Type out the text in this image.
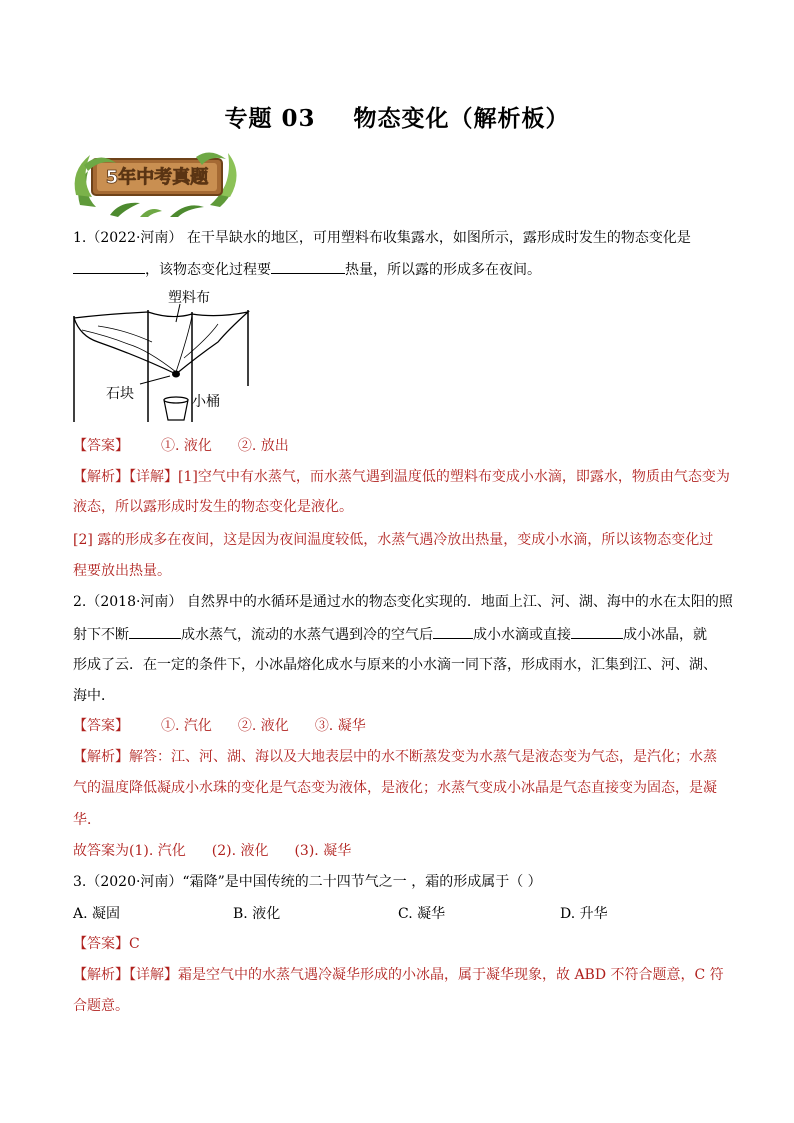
专题 03 物态变化（解析板）
5年中考真题
1.（2022·河南） 在干旱缺水的地区，可用塑料布收集露水，如图所示，露形成时发生的物态变化是
，该物态变化过程要	热量，所以露的形成多在夜间。
塑料布
石块	小桶
【答案】 ①. 液化 ②. 放出
【解析】【详解】[1]空气中有水蒸气，而水蒸气遇到温度低的塑料布变成小水滴，即露水，物质由气态变为
液态，所以露形成时发生的物态变化是液化。
[2] 露的形成多在夜间，这是因为夜间温度较低，水蒸气遇冷放出热量，变成小水滴，所以该物态变化过
程要放出热量。
2.（2018·河南） 自然界中的水循环是通过水的物态变化实现的．地面上江、河、湖、海中的水在太阳的照
射下不断	成水蒸气，流动的水蒸气遇到冷的空气后	成小水滴或直接	成小冰晶，就
形成了云．在一定的条件下，小冰晶熔化成水与原来的小水滴一同下落，形成雨水，汇集到江、河、湖、
海中．
【答案】 ①. 汽化 ②. 液化 ③. 凝华
【解析】解答：江、河、湖、海以及大地表层中的水不断蒸发变为水蒸气是液态变为气态，是汽化；水蒸
气的温度降低凝成小水珠的变化是气态变为液体，是液化；水蒸气变成小冰晶是气态直接变为固态，是凝
华．
故答案为(1). 汽化 (2). 液化 (3). 凝华
3.（2020·河南）“霜降”是中国传统的二十四节气之一 ，霜的形成属于（ ）
A. 凝固	B. 液化	C. 凝华	D. 升华
【答案】C
【解析】【详解】霜是空气中的水蒸气遇冷凝华形成的小冰晶，属于凝华现象，故 ABD 不符合题意，C 符
合题意。
